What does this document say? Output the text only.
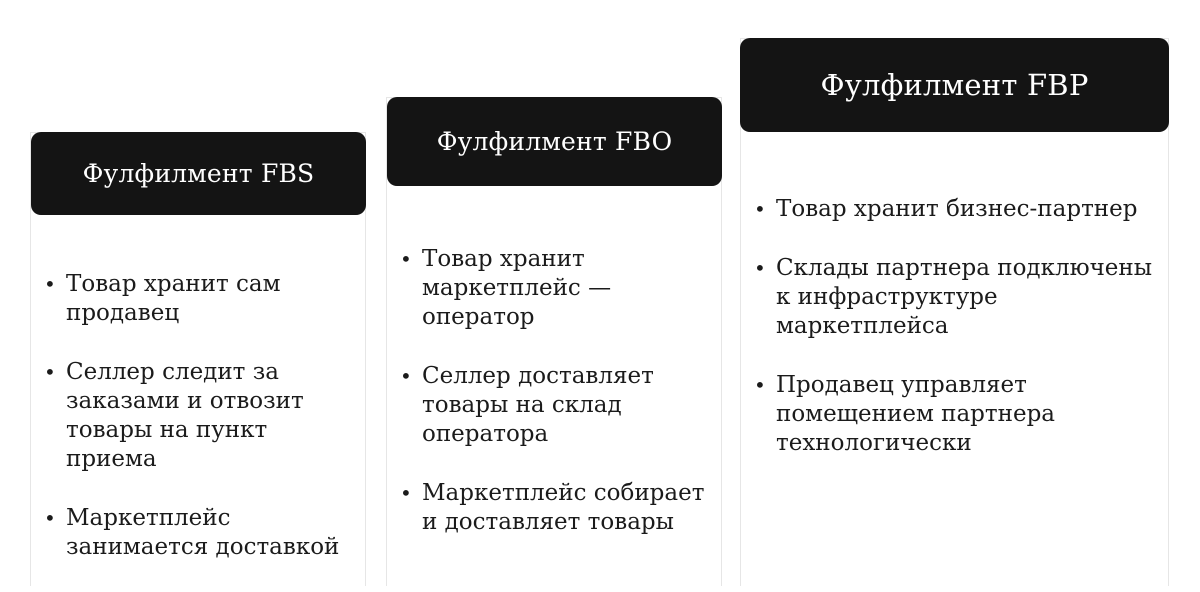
Фулфилмент FBS
• Товар хранит сам продавец
• Селлер следит за заказами и отвозит товары на пункт приема
• Маркетплейс занимается доставкой
Фулфилмент FBO
• Товар хранит маркетплейс — оператор
• Селлер доставляет товары на склад оператора
• Маркетплейс собирает и доставляет товары
Фулфилмент FBP
• Товар хранит бизнес-партнер
• Склады партнера подключены к инфраструктуре маркетплейса
• Продавец управляет помещением партнера технологически
